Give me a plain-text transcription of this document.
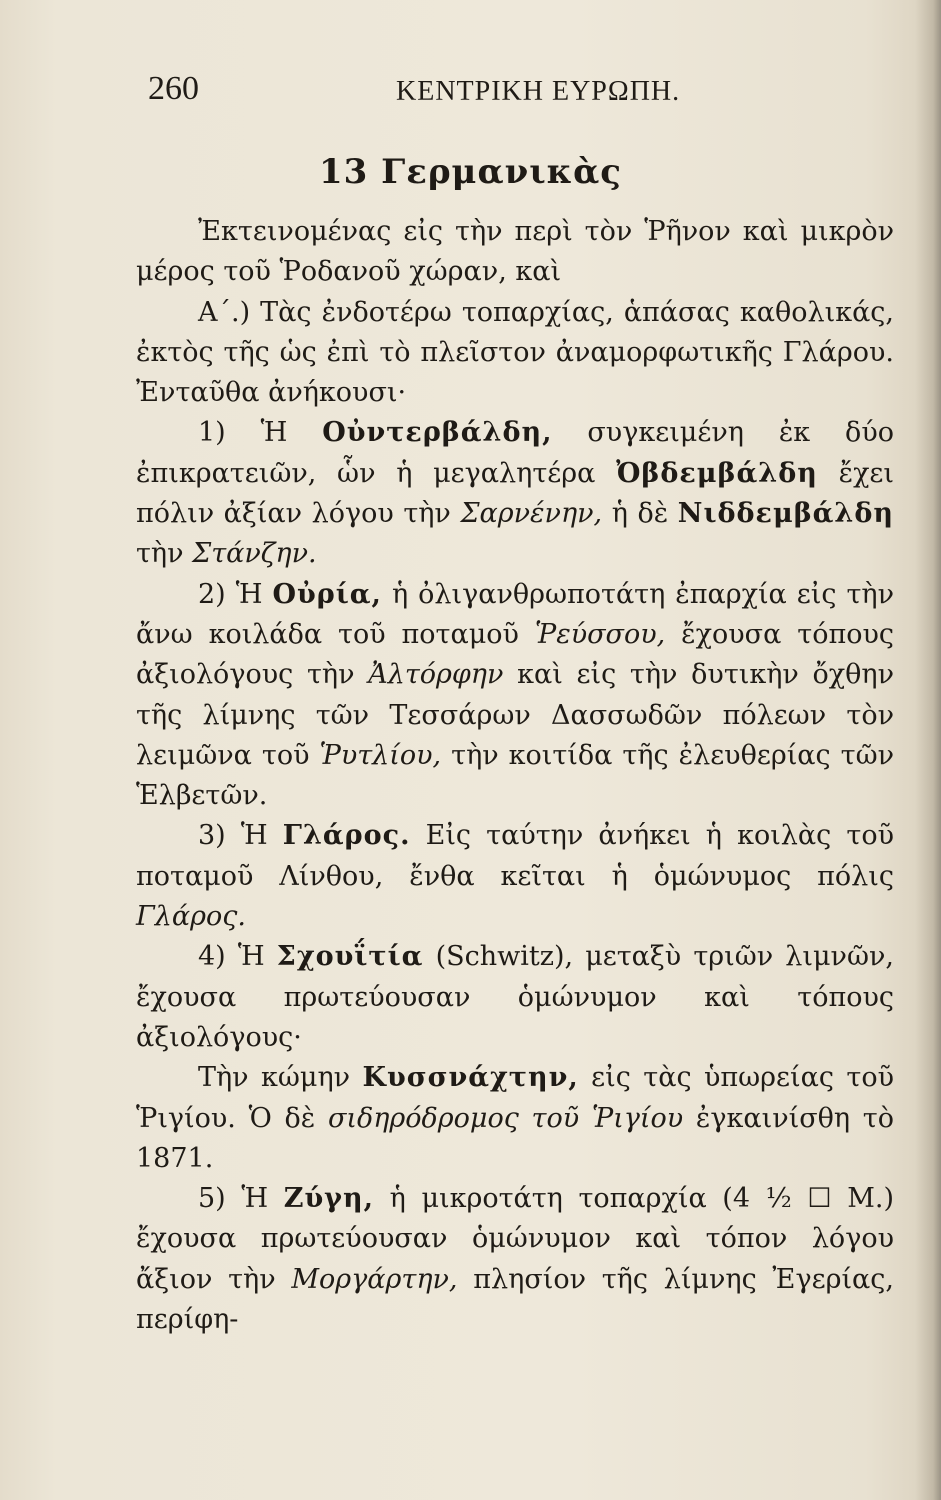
260	ΚΕΝΤΡΙΚΗ ΕΥΡΩΠΗ.
13 Γερμανικὰς

Ἐκτεινομένας εἰς τὴν περὶ τὸν Ῥῆνον καὶ μικρὸν μέρος τοῦ Ῥοδανοῦ χώραν, καὶ

Α΄.) Τὰς ἐνδοτέρω τοπαρχίας, ἁπάσας καθολικάς, ἐκτὸς τῆς ὡς ἐπὶ τὸ πλεῖστον ἀναμορφωτικῆς Γλάρου. Ἐνταῦθα ἀνήκουσι·

1) Ἡ Οὐντερβάλδη, συγκειμένη ἐκ δύο ἐπικρατειῶν, ὧν ἡ μεγαλητέρα Ὀβδεμβάλδη ἔχει πόλιν ἀξίαν λόγου τὴν Σαρνένην, ἡ δὲ Νιδδεμβάλδη τὴν Στάνζην.

2) Ἡ Οὐρία, ἡ ὀλιγανθρωποτάτη ἐπαρχία εἰς τὴν ἄνω κοιλάδα τοῦ ποταμοῦ Ῥεύσσου, ἔχουσα τόπους ἀξιολόγους τὴν Ἀλτόρφην καὶ εἰς τὴν δυτικὴν ὄχθην τῆς λίμνης τῶν Τεσσάρων Δασσωδῶν πόλεων τὸν λειμῶνα τοῦ Ῥυτλίου, τὴν κοιτίδα τῆς ἐλευθερίας τῶν Ἑλβετῶν.

3) Ἡ Γλάρος. Εἰς ταύτην ἀνήκει ἡ κοιλὰς τοῦ ποταμοῦ Λίνθου, ἔνθα κεῖται ἡ ὁμώνυμος πόλις Γλάρος.

4) Ἡ Σχουΐτία (Schwitz), μεταξὺ τριῶν λιμνῶν, ἔχουσα πρωτεύουσαν ὁμώνυμον καὶ τόπους ἀξιολόγους·

Τὴν κώμην Κυσσνάχτην, εἰς τὰς ὑπωρείας τοῦ Ῥιγίου. Ὁ δὲ σιδηρόδρομος τοῦ Ῥιγίου ἐγκαινίσθη τὸ 1871.

5) Ἡ Ζύγη, ἡ μικροτάτη τοπαρχία (4 ½ ☐ Μ.) ἔχουσα πρωτεύουσαν ὁμώνυμον καὶ τόπον λόγου ἄξιον τὴν Μοργάρτην, πλησίον τῆς λίμνης Ἐγερίας, περίφη-
